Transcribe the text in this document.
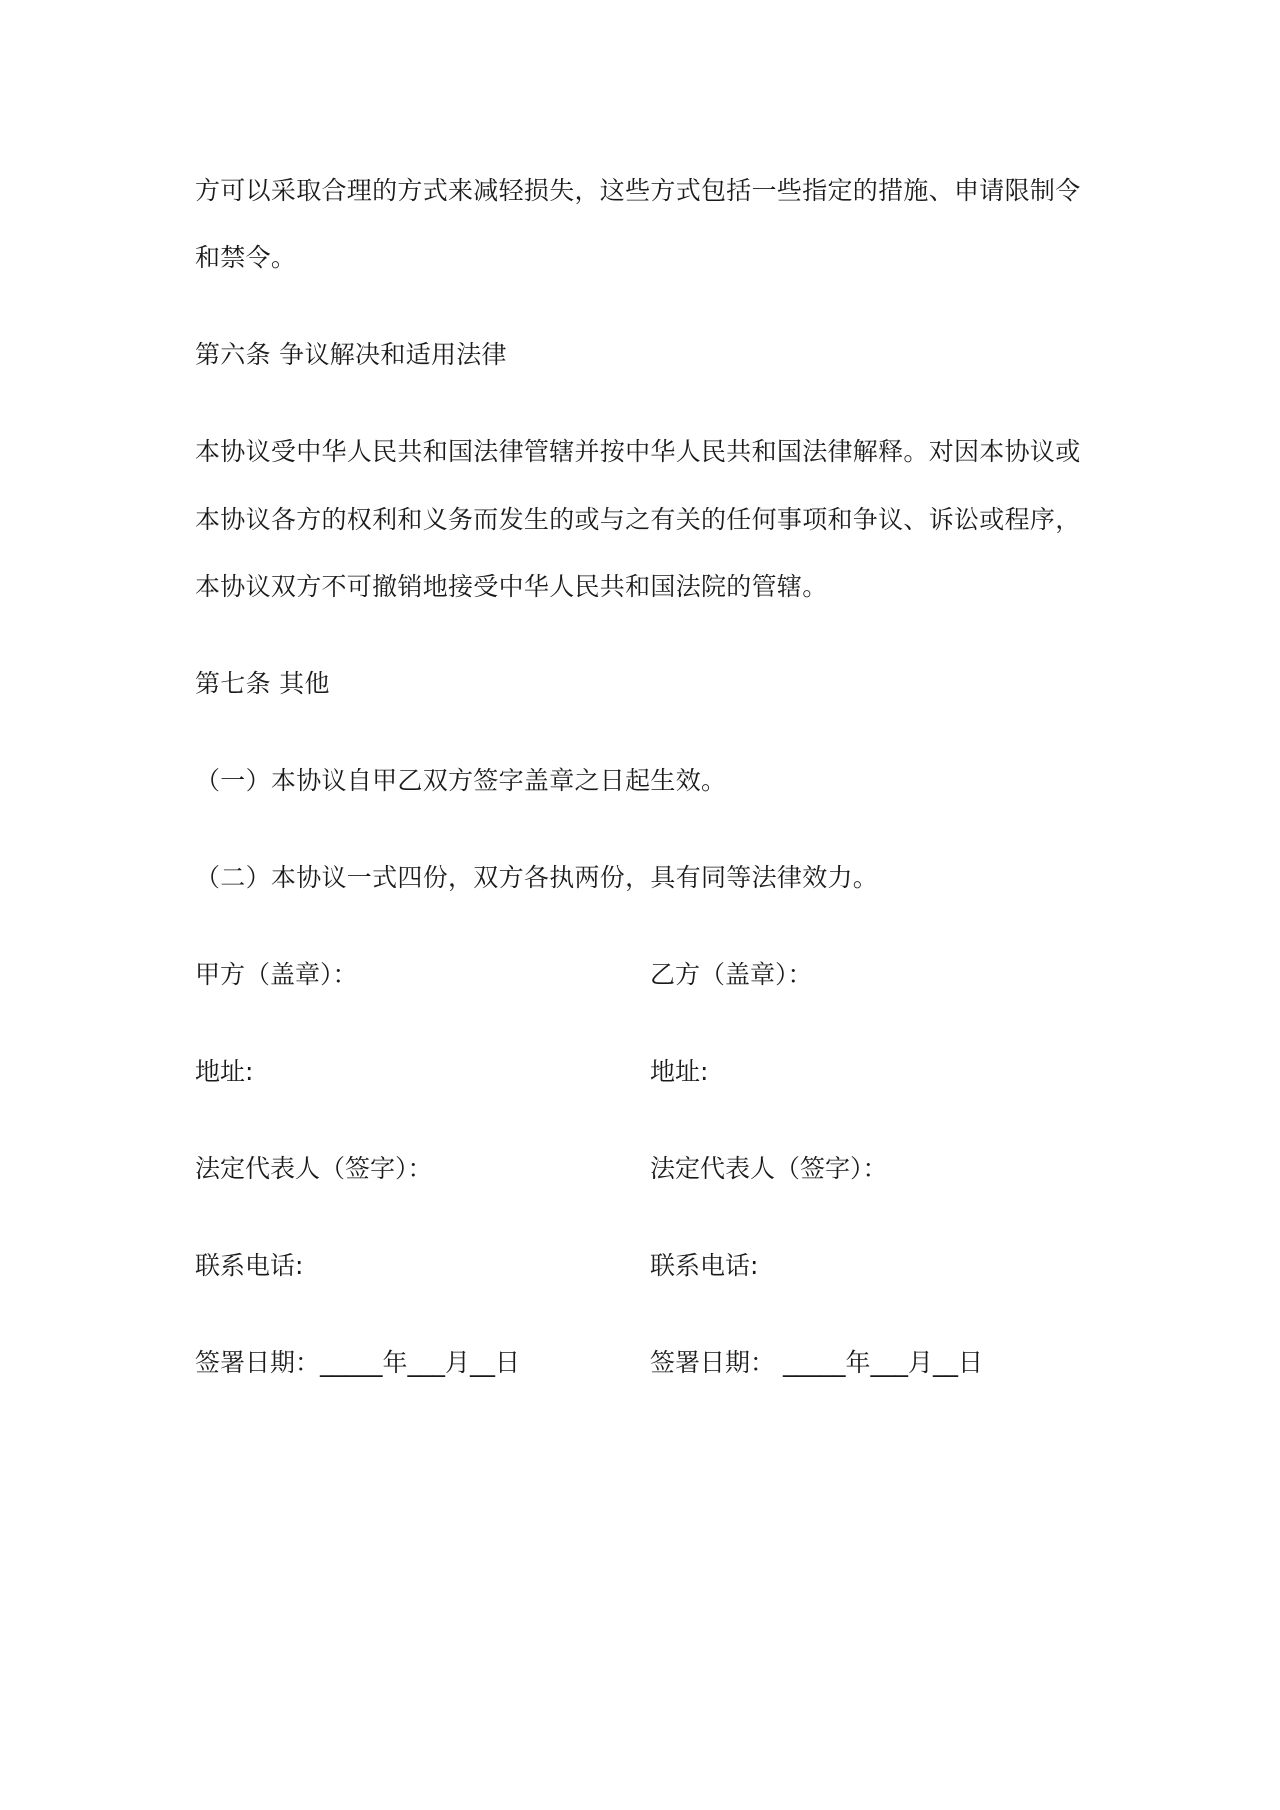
方可以采取合理的方式来减轻损失，这些方式包括一些指定的措施、申请限制令
和禁令。
第六条 争议解决和适用法律
本协议受中华人民共和国法律管辖并按中华人民共和国法律解释。对因本协议或
本协议各方的权利和义务而发生的或与之有关的任何事项和争议、诉讼或程序，
本协议双方不可撤销地接受中华人民共和国法院的管辖。
第七条 其他
（一）本协议自甲乙双方签字盖章之日起生效。
（二）本协议一式四份，双方各执两份，具有同等法律效力。
甲方（盖章）：
地址:
法定代表人（签字）：
联系电话:
签署日期：_____年___月__日
乙方（盖章）：
地址:
法定代表人（签字）：
联系电话:
签署日期： _____年___月__日
